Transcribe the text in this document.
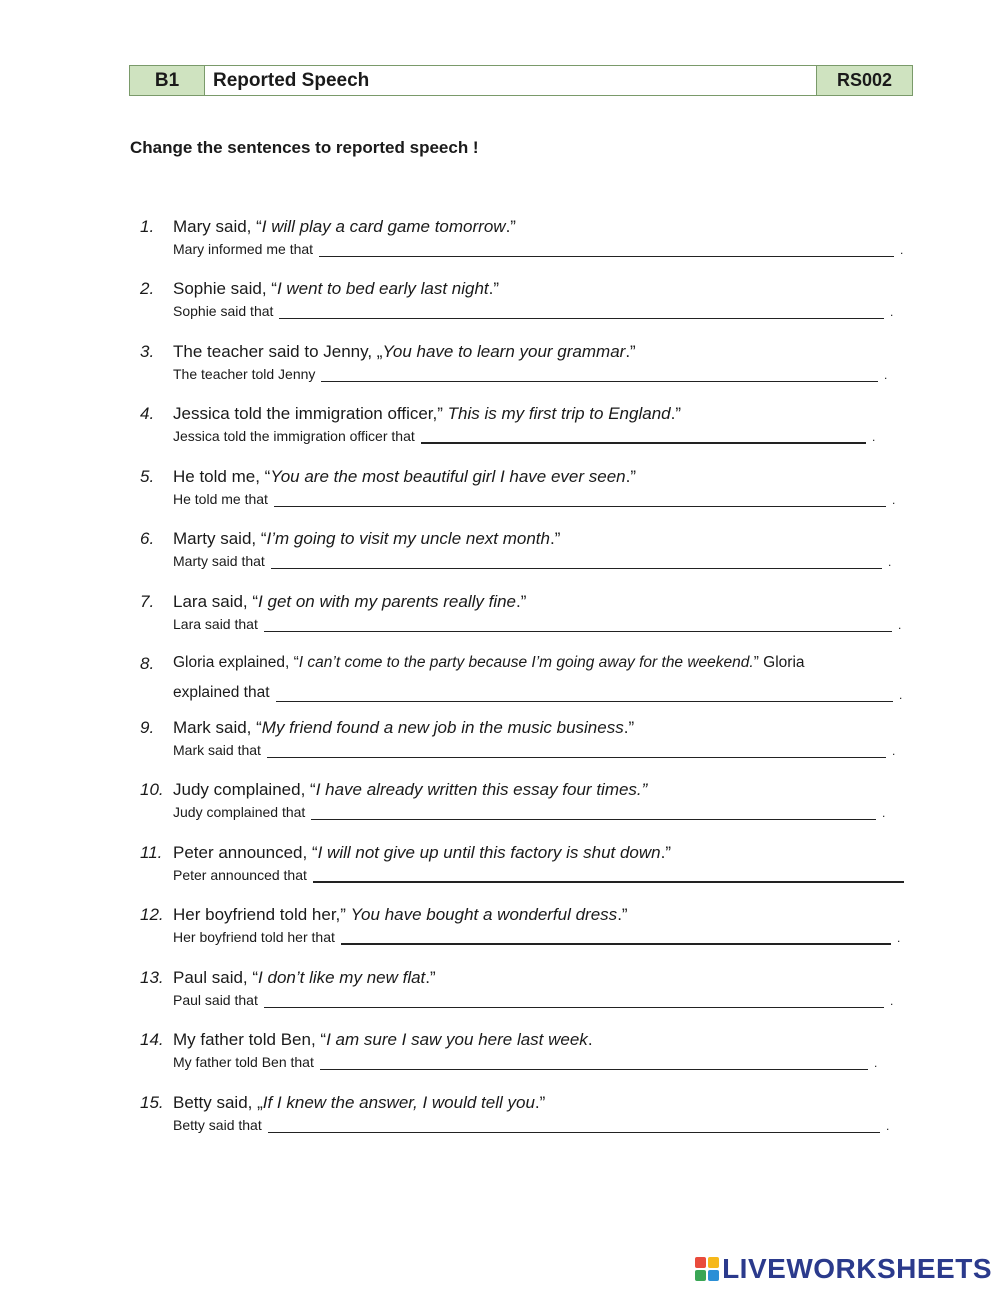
B1	Reported Speech	RS002
Change the sentences to reported speech !
1. Mary said, “I will play a card game tomorrow.”
Mary informed me that	.
2. Sophie said, “I went to bed early last night.”
Sophie said that	.
3. The teacher said to Jenny, „You have to learn your grammar.”
The teacher told Jenny	.
4. Jessica told the immigration officer,” This is my first trip to England.”
Jessica told the immigration officer that	.
5. He told me, “You are the most beautiful girl I have ever seen.”
He told me that	.
6. Marty said, “I’m going to visit my uncle next month.”
Marty said that	.
7. Lara said, “I get on with my parents really fine.”
Lara said that	.
8. Gloria explained, “I can’t come to the party because I’m going away for the weekend.” Gloria
explained that	.
9. Mark said, “My friend found a new job in the music business.”
Mark said that	.
10. Judy complained, “I have already written this essay four times.”
Judy complained that	.
11. Peter announced, “I will not give up until this factory is shut down.”
Peter announced that
12. Her boyfriend told her,” You have bought a wonderful dress.”
Her boyfriend told her that	.
13. Paul said, “I don’t like my new flat.”
Paul said that	.
14. My father told Ben, “I am sure I saw you here last week.
My father told Ben that	.
15. Betty said, „If I knew the answer, I would tell you.”
Betty said that	.
LIVEWORKSHEETS
